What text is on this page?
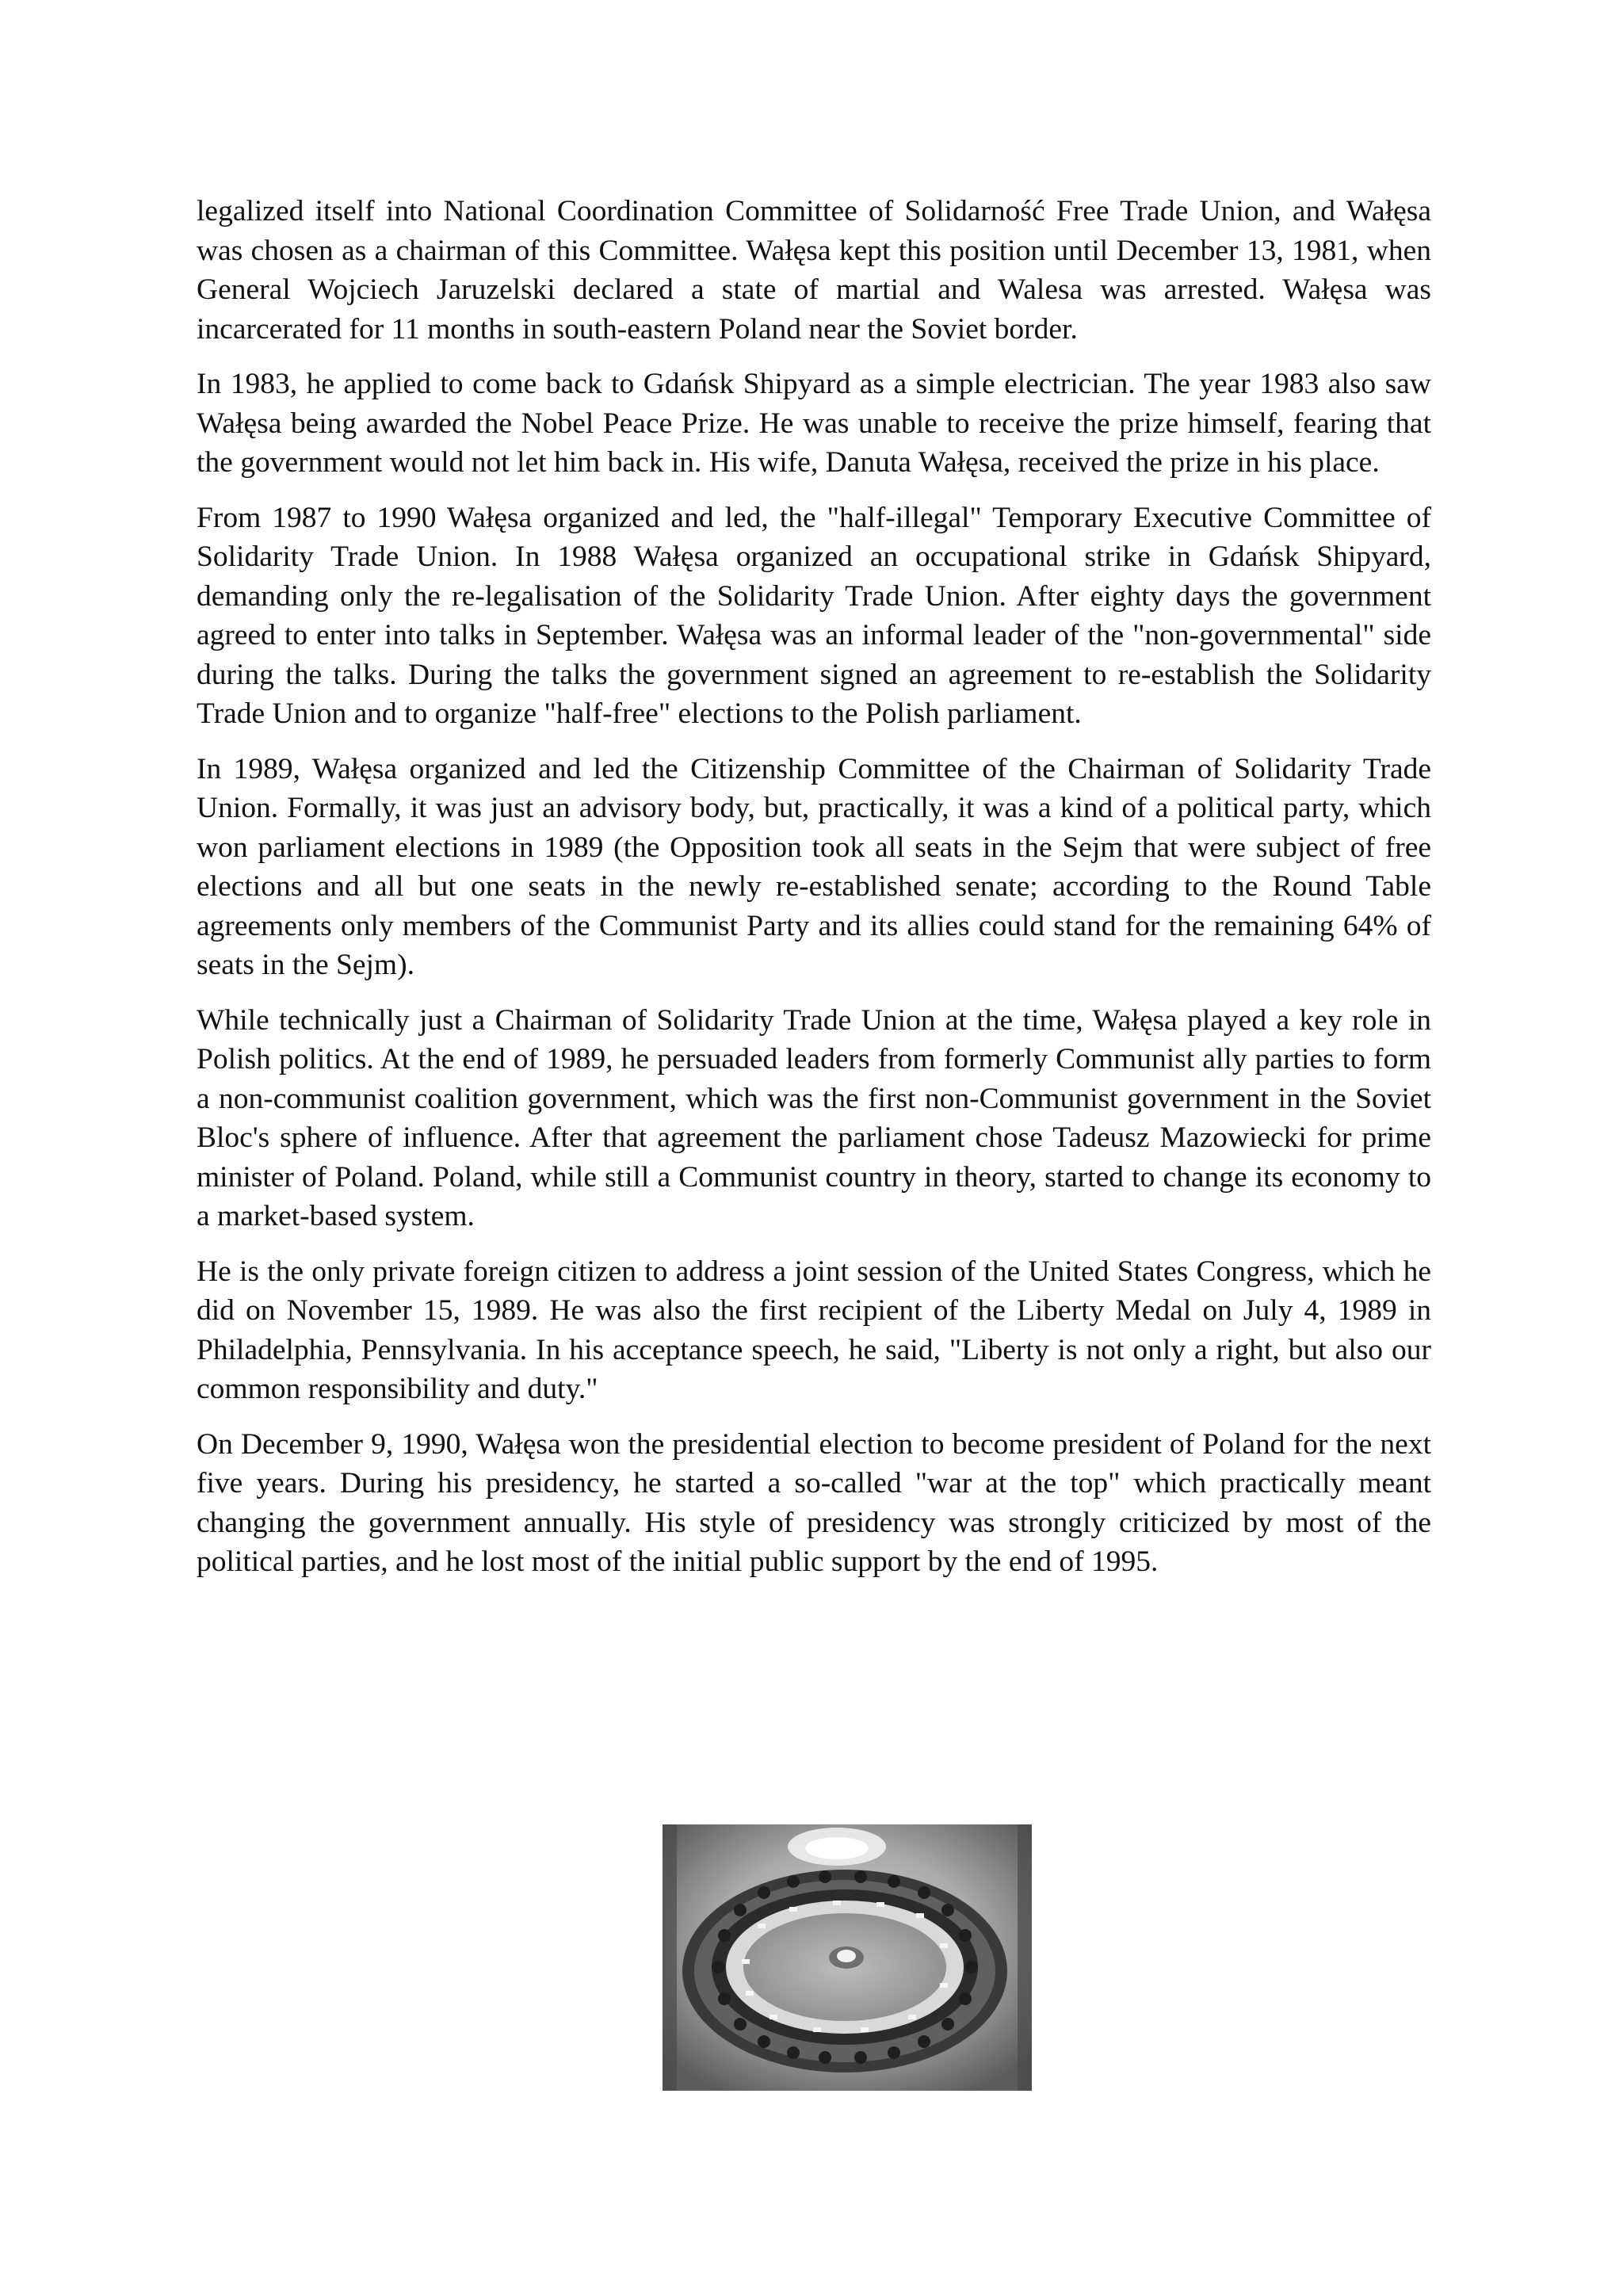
legalized itself into National Coordination Committee of Solidarność Free Trade Union, and Wałęsa was chosen as a chairman of this Committee. Wałęsa kept this position until December 13, 1981, when General Wojciech Jaruzelski declared a state of martial and Walesa was arrested. Wałęsa was incarcerated for 11 months in south-eastern Poland near the Soviet border.

In 1983, he applied to come back to Gdańsk Shipyard as a simple electrician. The year 1983 also saw Wałęsa being awarded the Nobel Peace Prize. He was unable to receive the prize himself, fearing that the government would not let him back in. His wife, Danuta Wałęsa, received the prize in his place.

From 1987 to 1990 Wałęsa organized and led, the "half-illegal" Temporary Executive Committee of Solidarity Trade Union. In 1988 Wałęsa organized an occupational strike in Gdańsk Shipyard, demanding only the re-legalisation of the Solidarity Trade Union. After eighty days the government agreed to enter into talks in September. Wałęsa was an informal leader of the "non-governmental" side during the talks. During the talks the government signed an agreement to re-establish the Solidarity Trade Union and to organize "half-free" elections to the Polish parliament.

In 1989, Wałęsa organized and led the Citizenship Committee of the Chairman of Solidarity Trade Union. Formally, it was just an advisory body, but, practically, it was a kind of a political party, which won parliament elections in 1989 (the Opposition took all seats in the Sejm that were subject of free elections and all but one seats in the newly re-established senate; according to the Round Table agreements only members of the Communist Party and its allies could stand for the remaining 64% of seats in the Sejm).

While technically just a Chairman of Solidarity Trade Union at the time, Wałęsa played a key role in Polish politics. At the end of 1989, he persuaded leaders from formerly Communist ally parties to form a non-communist coalition government, which was the first non-Communist government in the Soviet Bloc's sphere of influence. After that agreement the parliament chose Tadeusz Mazowiecki for prime minister of Poland. Poland, while still a Communist country in theory, started to change its economy to a market-based system.

He is the only private foreign citizen to address a joint session of the United States Congress, which he did on November 15, 1989. He was also the first recipient of the Liberty Medal on July 4, 1989 in Philadelphia, Pennsylvania. In his acceptance speech, he said, "Liberty is not only a right, but also our common responsibility and duty."

On December 9, 1990, Wałęsa won the presidential election to become president of Poland for the next five years. During his presidency, he started a so-called "war at the top" which practically meant changing the government annually. His style of presidency was strongly criticized by most of the political parties, and he lost most of the initial public support by the end of 1995.
